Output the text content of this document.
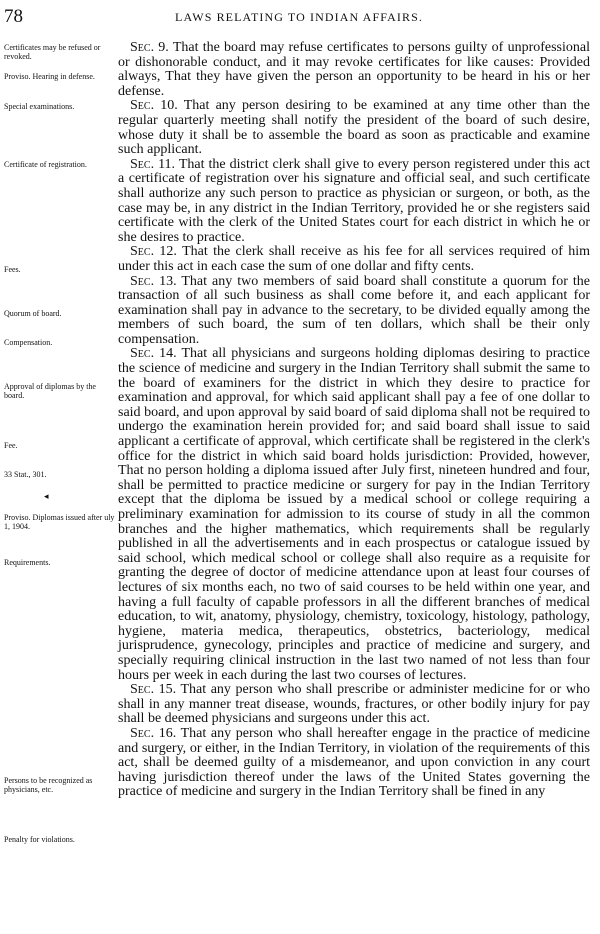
78	LAWS RELATING TO INDIAN AFFAIRS.
Certificates may be refused or revoked.
Proviso. Hearing in defense.
Special examinations.
Certificate of registration.
Fees.
Quorum of board.
Compensation.
Approval of diplomas by the board.
Fee.
33 Stat., 301.
◂
Proviso. Diplomas issued after uly 1, 1904.
Requirements.
Persons to be recognized as physicians, etc.
Penalty for violations.

Sec. 9. That the board may refuse certificates to persons guilty of unprofessional or dishonorable conduct, and it may revoke certificates for like causes: Provided always, That they have given the person an opportunity to be heard in his or her defense.

Sec. 10. That any person desiring to be examined at any time other than the regular quarterly meeting shall notify the president of the board of such desire, whose duty it shall be to assemble the board as soon as practicable and examine such applicant.

Sec. 11. That the district clerk shall give to every person registered under this act a certificate of registration over his signature and official seal, and such certificate shall authorize any such person to practice as physician or surgeon, or both, as the case may be, in any district in the Indian Territory, provided he or she registers said certificate with the clerk of the United States court for each district in which he or she desires to practice.

Sec. 12. That the clerk shall receive as his fee for all services required of him under this act in each case the sum of one dollar and fifty cents.

Sec. 13. That any two members of said board shall constitute a quorum for the transaction of all such business as shall come before it, and each applicant for examination shall pay in advance to the secretary, to be divided equally among the members of such board, the sum of ten dollars, which shall be their only compensation.

Sec. 14. That all physicians and surgeons holding diplomas desiring to practice the science of medicine and surgery in the Indian Territory shall submit the same to the board of examiners for the district in which they desire to practice for examination and approval, for which said applicant shall pay a fee of one dollar to said board, and upon approval by said board of said diploma shall not be required to undergo the examination herein provided for; and said board shall issue to said applicant a certificate of approval, which certificate shall be registered in the clerk's office for the district in which said board holds jurisdiction: Provided, however, That no person holding a diploma issued after July first, nineteen hundred and four, shall be permitted to practice medicine or surgery for pay in the Indian Territory except that the diploma be issued by a medical school or college requiring a preliminary examination for admission to its course of study in all the common branches and the higher mathematics, which requirements shall be regularly published in all the advertisements and in each prospectus or catalogue issued by said school, which medical school or college shall also require as a requisite for granting the degree of doctor of medicine attendance upon at least four courses of lectures of six months each, no two of said courses to be held within one year, and having a full faculty of capable professors in all the different branches of medical education, to wit, anatomy, physiology, chemistry, toxicology, histology, pathology, hygiene, materia medica, therapeutics, obstetrics, bacteriology, medical jurisprudence, gynecology, principles and practice of medicine and surgery, and specially requiring clinical instruction in the last two named of not less than four hours per week in each during the last two courses of lectures.

Sec. 15. That any person who shall prescribe or administer medicine for or who shall in any manner treat disease, wounds, fractures, or other bodily injury for pay shall be deemed physicians and surgeons under this act.

Sec. 16. That any person who shall hereafter engage in the practice of medicine and surgery, or either, in the Indian Territory, in violation of the requirements of this act, shall be deemed guilty of a misdemeanor, and upon conviction in any court having jurisdiction thereof under the laws of the United States governing the practice of medicine and surgery in the Indian Territory shall be fined in any
